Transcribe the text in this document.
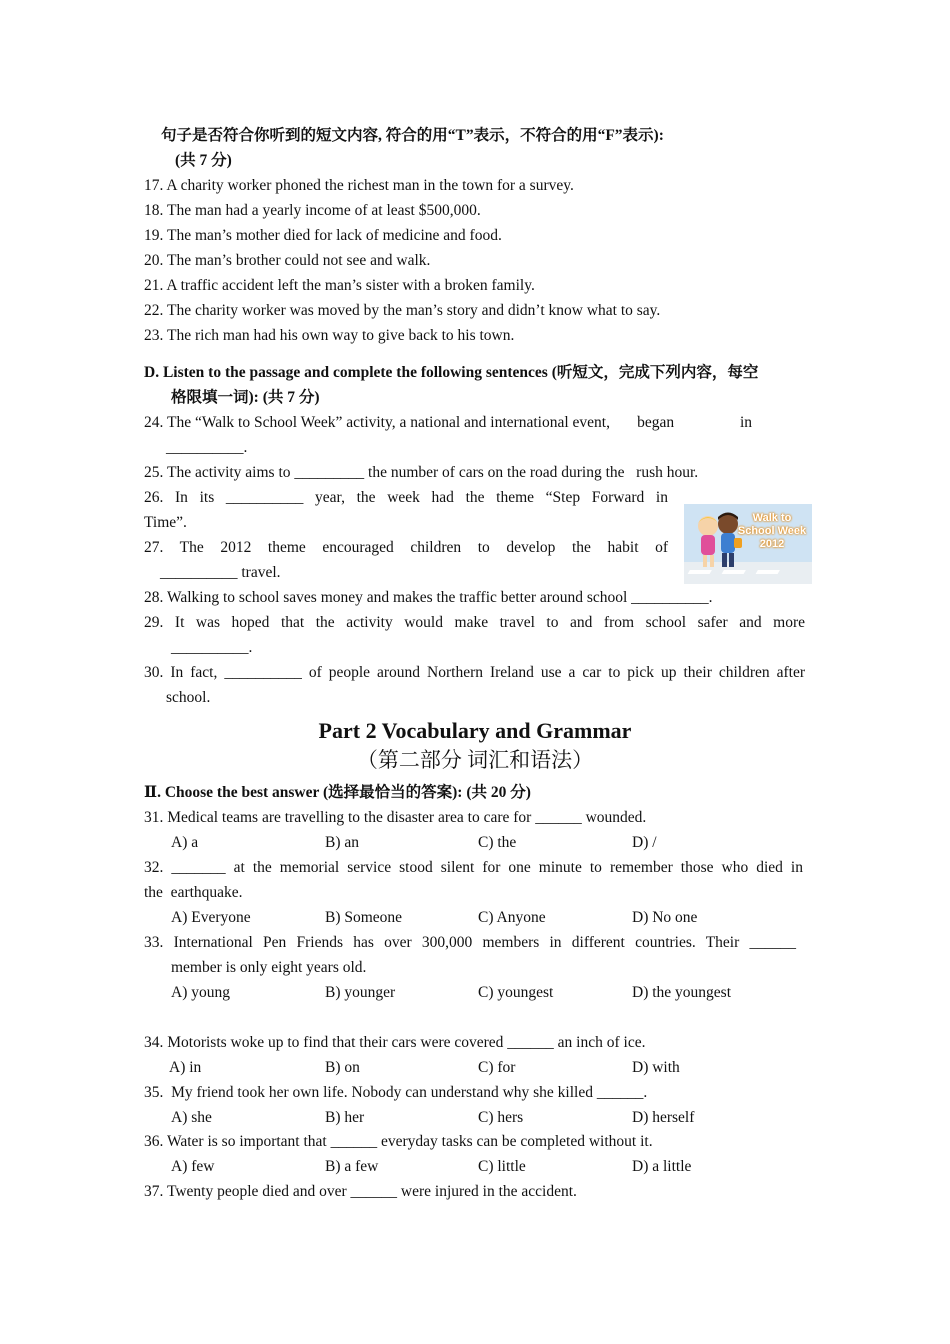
句子是否符合你听到的短文内容, 符合的用“T”表示，不符合的用“F”表示):
(共 7 分)
17. A charity worker phoned the richest man in the town for a survey.
18. The man had a yearly income of at least $500,000.
19. The man’s mother died for lack of medicine and food.
20. The man’s brother could not see and walk.
21. A traffic accident left the man’s sister with a broken family.
22. The charity worker was moved by the man’s story and didn’t know what to say.
23. The rich man had his own way to give back to his town.
D. Listen to the passage and complete the following sentences (听短文，完成下列内容，每空
格限填一词): (共 7 分)
24. The “Walk to School Week” activity, a national and international event,       began                 in
__________.
25. The activity aims to _________ the number of cars on the road during the   rush hour.
26. In its __________ year, the week had the theme “Step Forward in
Time”.
27. The 2012 theme encouraged children to develop the habit of
__________ travel.
28. Walking to school saves money and makes the traffic better around school __________.
29. It was hoped that the activity would make travel to and from school safer and more
__________.
30. In fact, __________ of people around Northern Ireland use a car to pick up their children after
school.
Walk to
School Week
2012
Part 2 Vocabulary and Grammar
（第二部分 词汇和语法）
Ⅱ. Choose the best answer (选择最恰当的答案): (共 20 分)
31. Medical teams are travelling to the disaster area to care for ______ wounded.
A) a	B) an	C) the	D) /
32. _______ at the memorial service stood silent for one minute to remember those who died in
the  earthquake.
A) Everyone	B) Someone	C) Anyone	D) No one
33. International Pen Friends has over 300,000 members in different countries. Their ______
member is only eight years old.
A) young	B) younger	C) youngest	D) the youngest
34. Motorists woke up to find that their cars were covered ______ an inch of ice.
A) in	B) on	C) for	D) with
35.  My friend took her own life. Nobody can understand why she killed ______.
A) she	B) her	C) hers	D) herself
36. Water is so important that ______ everyday tasks can be completed without it.
A) few	B) a few	C) little	D) a little
37. Twenty people died and over ______ were injured in the accident.
